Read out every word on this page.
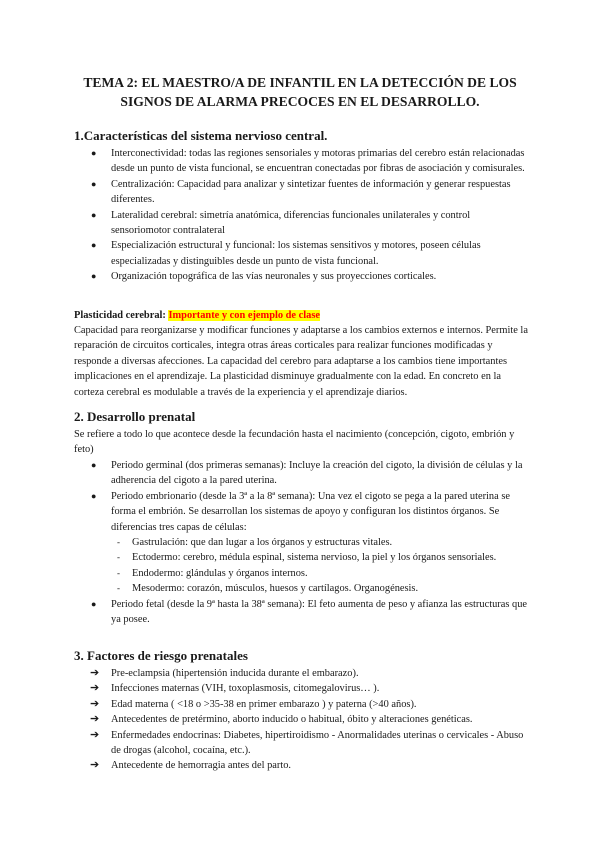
TEMA 2: EL MAESTRO/A DE INFANTIL EN LA DETECCIÓN DE LOS SIGNOS DE ALARMA PRECOCES EN EL DESARROLLO.
1.Características del sistema nervioso central.
● Interconectividad: todas las regiones sensoriales y motoras primarias del cerebro están relacionadas desde un punto de vista funcional, se encuentran conectadas por fibras de asociación y comisurales.
● Centralización: Capacidad para analizar y sintetizar fuentes de información y generar respuestas diferentes.
● Lateralidad cerebral: simetría anatómica, diferencias funcionales unilaterales y control sensoriomotor contralateral
● Especialización estructural y funcional: los sistemas sensitivos y motores, poseen células especializadas y distinguibles desde un punto de vista funcional.
● Organización topográfica de las vías neuronales y sus proyecciones corticales.

Plasticidad cerebral: Importante y con ejemplo de clase

Capacidad para reorganizarse y modificar funciones y adaptarse a los cambios externos e internos. Permite la reparación de circuitos corticales, integra otras áreas corticales para realizar funciones modificadas y responde a diversas afecciones. La capacidad del cerebro para adaptarse a los cambios tiene importantes implicaciones en el aprendizaje. La plasticidad disminuye gradualmente con la edad. En concreto en la corteza cerebral es modulable a través de la experiencia y el aprendizaje diarios.

2. Desarrollo prenatal

Se refiere a todo lo que acontece desde la fecundación hasta el nacimiento (concepción, cigoto, embrión y feto)

● Periodo germinal (dos primeras semanas): Incluye la creación del cigoto, la división de células y la adherencia del cigoto a la pared uterina.
● Periodo embrionario (desde la 3ª a la 8ª semana): Una vez el cigoto se pega a la pared uterina se forma el embrión. Se desarrollan los sistemas de apoyo y configuran los distintos órganos. Se diferencias tres capas de células:
- Gastrulación: que dan lugar a los órganos y estructuras vitales.
- Ectodermo: cerebro, médula espinal, sistema nervioso, la piel y los órganos sensoriales.
- Endodermo: glándulas y órganos internos.
- Mesodermo: corazón, músculos, huesos y cartílagos. Organogénesis.
● Periodo fetal (desde la 9ª hasta la 38ª semana): El feto aumenta de peso y afianza las estructuras que ya posee.
3. Factores de riesgo prenatales
➔ Pre-eclampsia (hipertensión inducida durante el embarazo).
➔ Infecciones maternas (VIH, toxoplasmosis, citomegalovirus… ).
➔ Edad materna ( <18 o >35-38 en primer embarazo ) y paterna (>40 años).
➔ Antecedentes de pretérmino, aborto inducido o habitual, óbito y alteraciones genéticas.
➔ Enfermedades endocrinas: Diabetes, hipertiroidismo - Anormalidades uterinas o cervicales - Abuso de drogas (alcohol, cocaína, etc.).
➔ Antecedente de hemorragia antes del parto.
